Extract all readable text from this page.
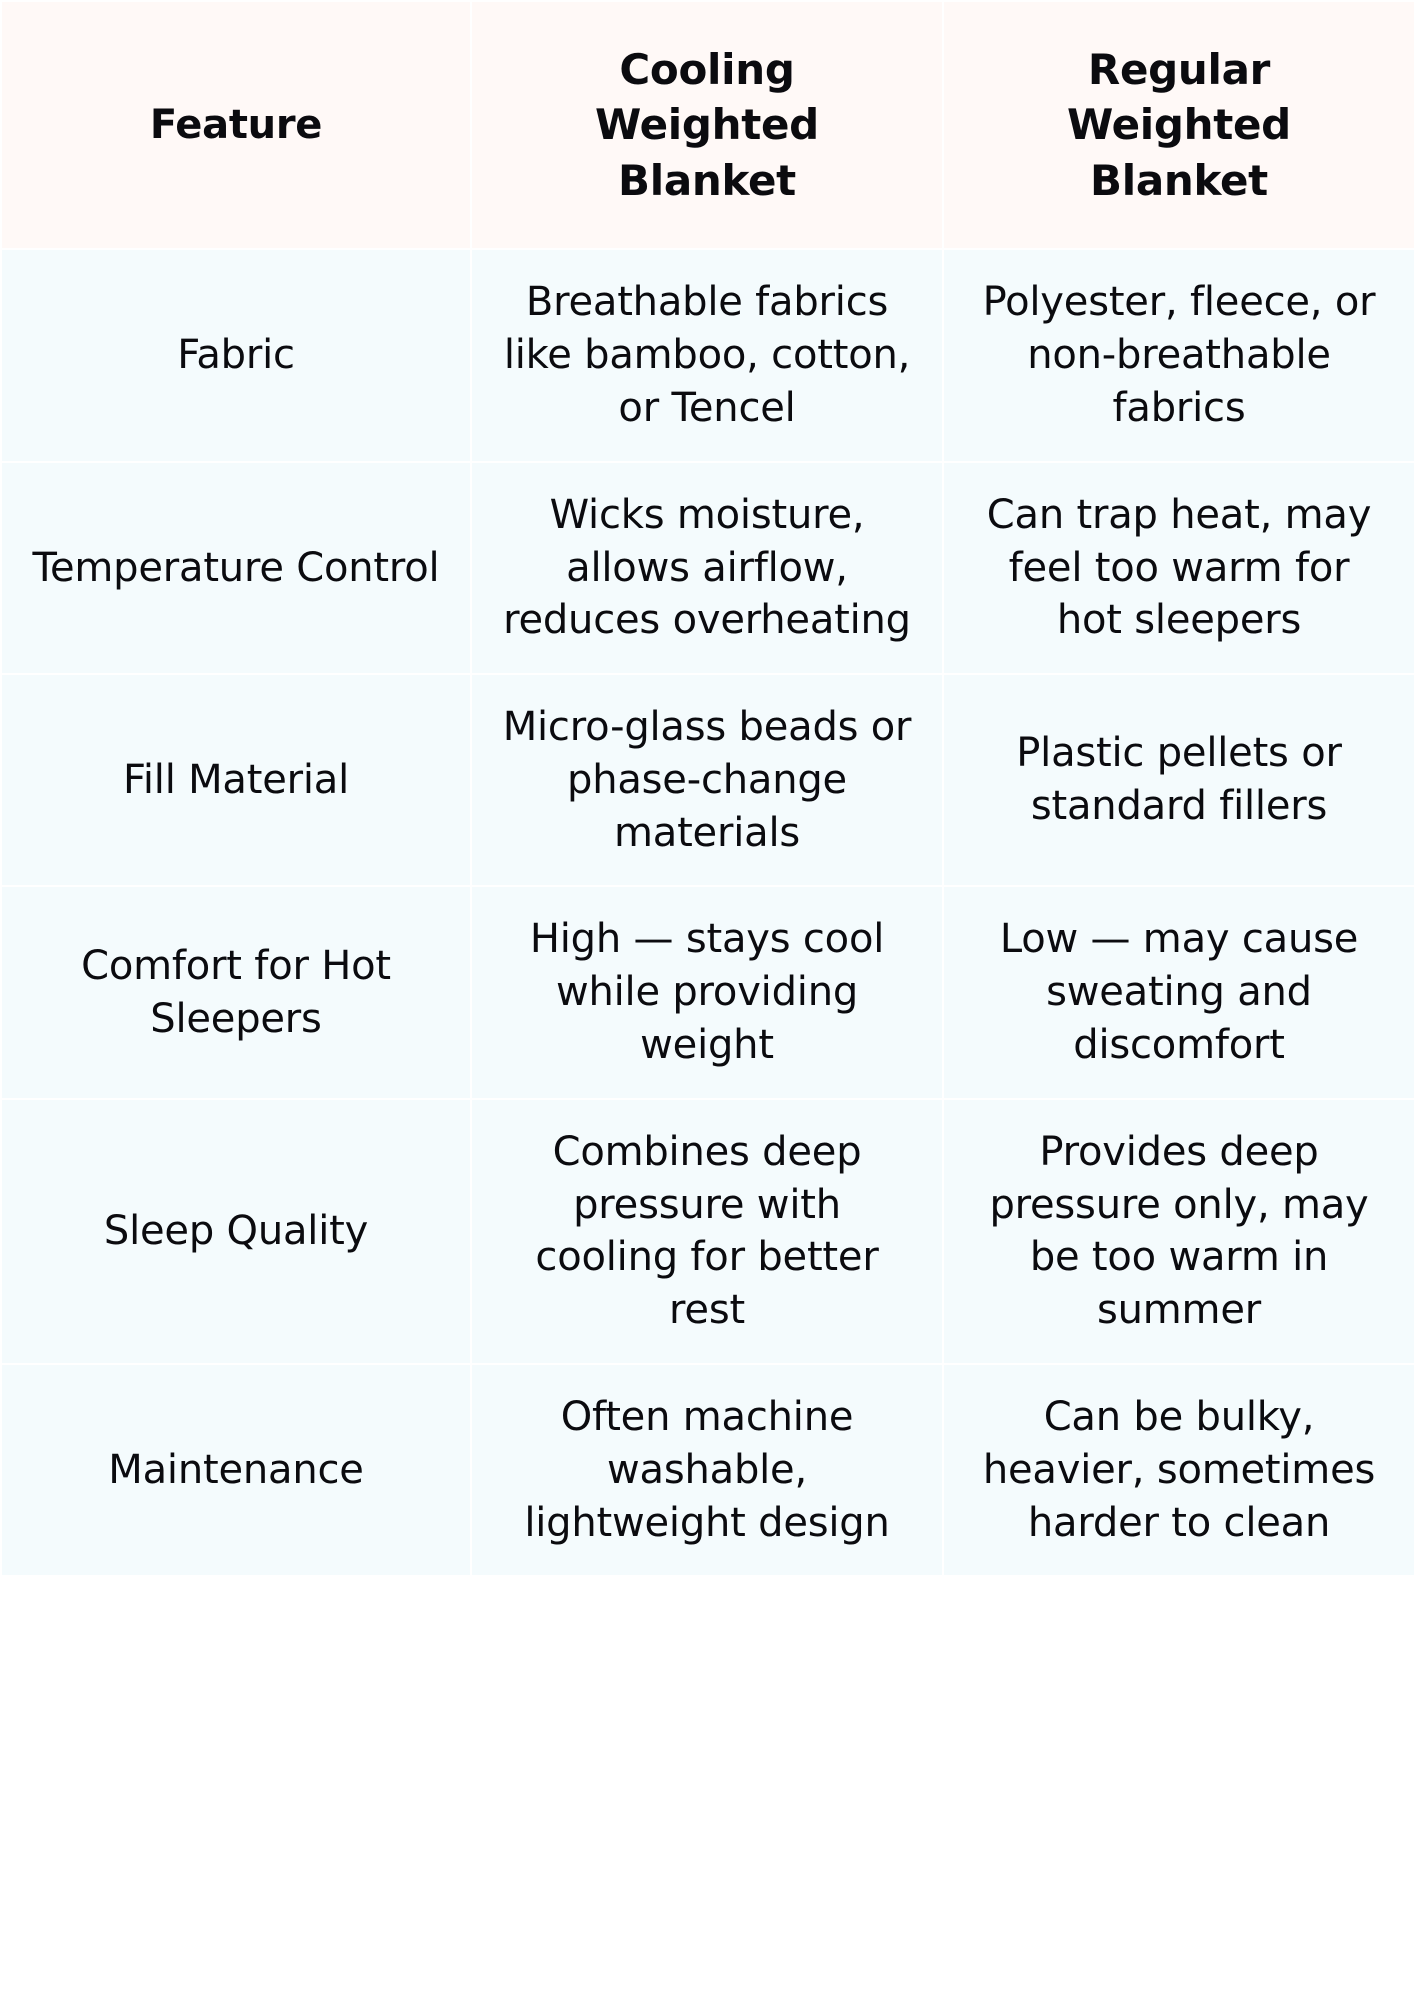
Feature	Cooling Weighted Blanket	Regular Weighted Blanket
Fabric	Breathable fabrics like bamboo, cotton, or Tencel	Polyester, fleece, or non-breathable fabrics
Temperature Control	Wicks moisture, allows airflow, reduces overheating	Can trap heat, may feel too warm for hot sleepers
Fill Material	Micro-glass beads or phase-change materials	Plastic pellets or standard fillers
Comfort for Hot Sleepers	High — stays cool while providing weight	Low — may cause sweating and discomfort
Sleep Quality	Combines deep pressure with cooling for better rest	Provides deep pressure only, may be too warm in summer
Maintenance	Often machine washable, lightweight design	Can be bulky, heavier, sometimes harder to clean
